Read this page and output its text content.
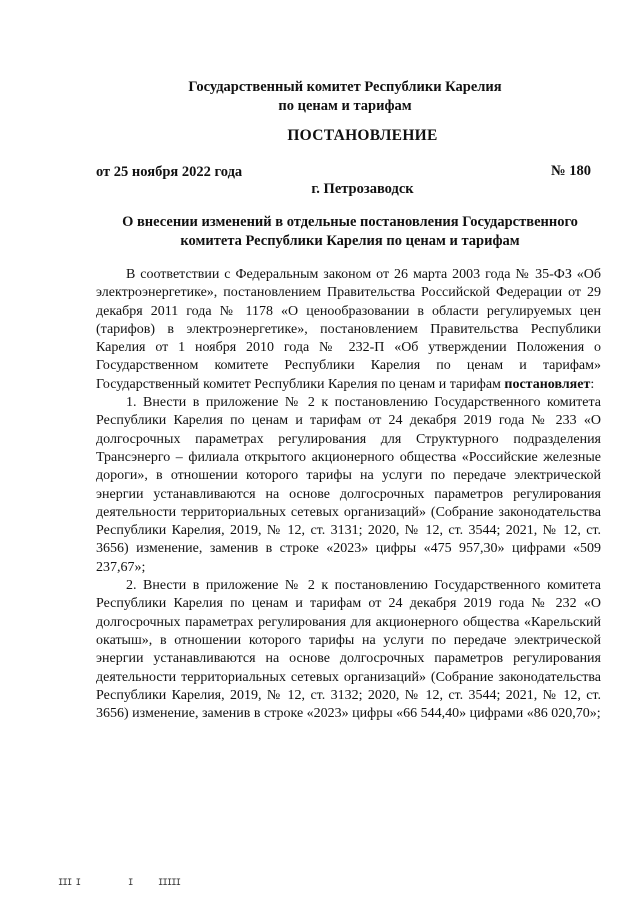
Государственный комитет Республики Карелия
по ценам и тарифам
ПОСТАНОВЛЕНИЕ
от 25 ноября 2022 года	№ 180
г. Петрозаводск
О внесении изменений в отдельные постановления Государственного
комитета Республики Карелия по ценам и тарифам

В соответствии с Федеральным законом от 26 марта 2003 года № 35-ФЗ «Об электроэнергетике», постановлением Правительства Российской Федерации от 29 декабря 2011 года № 1178 «О ценообразовании в области регулируемых цен (тарифов) в электроэнергетике», постановлением Правительства Республики Карелия от 1 ноября 2010 года № 232-П «Об утверждении Положения о Государственном комитете Республики Карелия по ценам и тарифам» Государственный комитет Республики Карелия по ценам и тарифам постановляет:

1. Внести в приложение № 2 к постановлению Государственного комитета Республики Карелия по ценам и тарифам от 24 декабря 2019 года № 233 «О долгосрочных параметрах регулирования для Структурного подразделения Трансэнерго – филиала открытого акционерного общества «Российские железные дороги», в отношении которого тарифы на услуги по передаче электрической энергии устанавливаются на основе долгосрочных параметров регулирования деятельности территориальных сетевых организаций» (Собрание законодательства Республики Карелия, 2019, № 12, ст. 3131; 2020, № 12, ст. 3544; 2021, № 12, ст. 3656) изменение, заменив в строке «2023» цифры «475 957,30» цифрами «509 237,67»;

2. Внести в приложение № 2 к постановлению Государственного комитета Республики Карелия по ценам и тарифам от 24 декабря 2019 года № 232 «О долгосрочных параметрах регулирования для акционерного общества «Карельский окатыш», в отношении которого тарифы на услуги по передаче электрической энергии устанавливаются на основе долгосрочных параметров регулирования деятельности территориальных сетевых организаций» (Собрание законодательства Республики Карелия, 2019, № 12, ст. 3132; 2020, № 12, ст. 3544; 2021, № 12, ст. 3656) изменение, заменив в строке «2023» цифры «66 544,40» цифрами «86 020,70»;

III I	I	IIIII
